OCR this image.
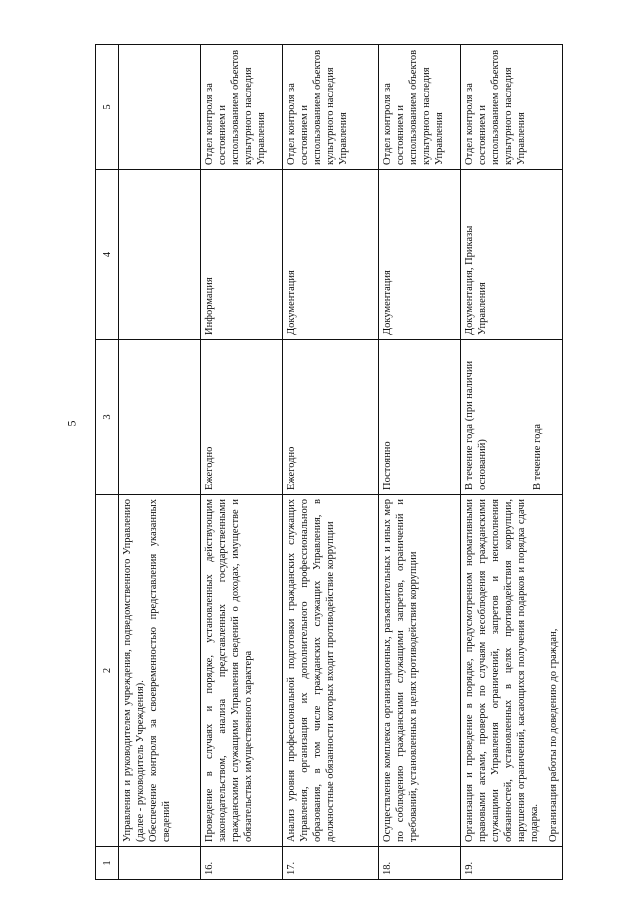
5
1	2	3	4	5
	Управления и руководителем учреждения, подведомственного Управлению (далее - руководитель Учреждения). Обеспечение контроля за своевременностью представления указанных сведений			
16.	Проведение в случаях и порядке, установленных действующим законодательством, анализа представленных государственными гражданскими служащими Управления сведений о доходах, имуществе и обязательствах имущественного характера	Ежегодно	Информация	Отдел контроля за состоянием и использованием объектов культурного наследия Управления
17.	Анализ уровня профессиональной подготовки гражданских служащих Управления, организация их дополнительного профессионального образования, в том числе гражданских служащих Управления, в должностные обязанности которых входит противодействие коррупции	Ежегодно	Документация	Отдел контроля за состоянием и использованием объектов культурного наследия Управления
18.	Осуществление комплекса организационных, разъяснительных и иных мер по соблюдению гражданскими служащими запретов, ограничений и требований, установленных в целях противодействия коррупции	Постоянно	Документация	Отдел контроля за состоянием и использованием объектов культурного наследия Управления
19.	Организация и проведение в порядке, предусмотренном нормативными правовыми актами, проверок по случаям несоблюдения гражданскими служащими Управления ограничений, запретов и неисполнения обязанностей, установленных в целях противодействия коррупции, нарушения ограничений, касающихся получения подарков и порядка сдачи подарка. Организация работы по доведению до граждан,	В течение года (при наличии оснований) В течение года	Документация, Приказы Управления	Отдел контроля за состоянием и использованием объектов культурного наследия Управления
